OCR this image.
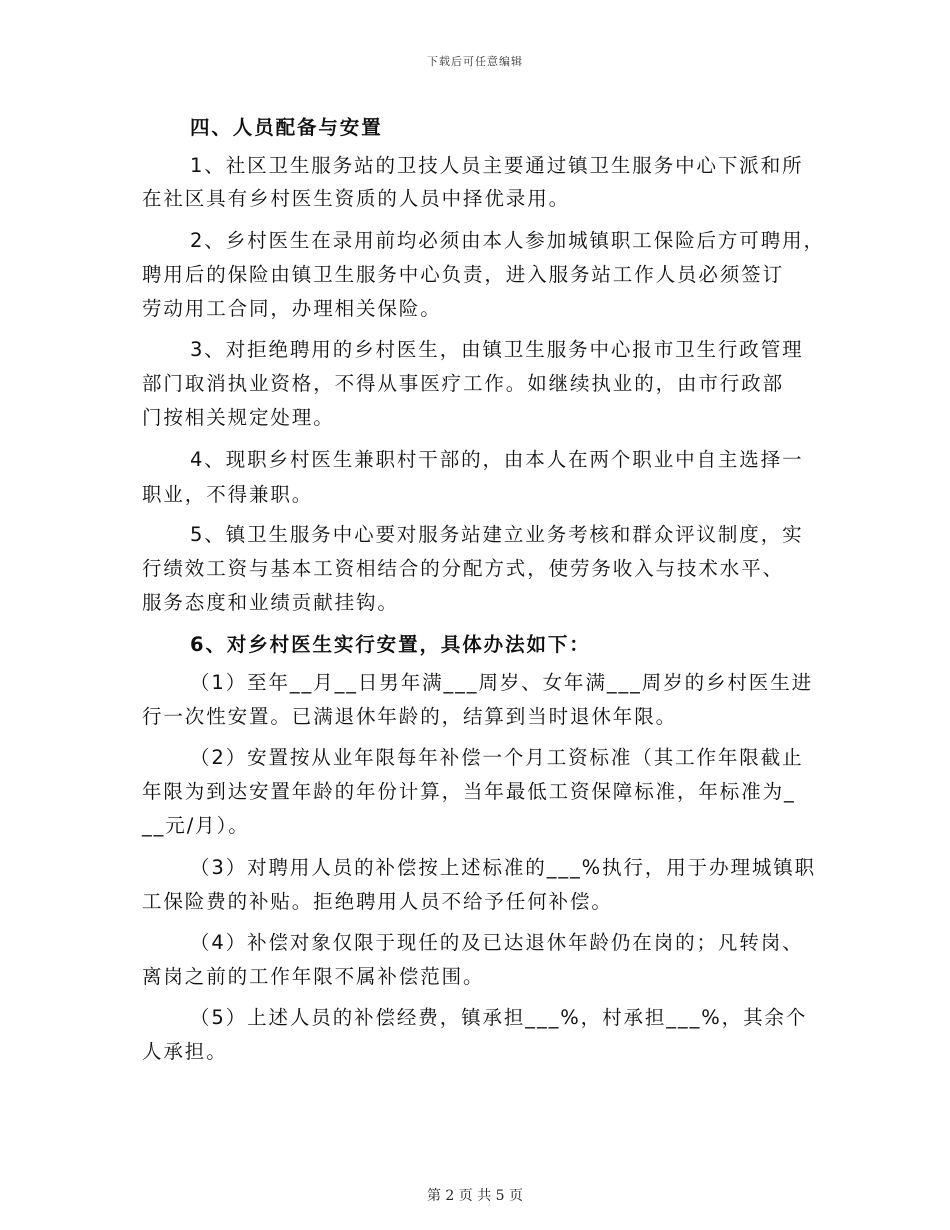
下载后可任意编辑
四、人员配备与安置
1、社区卫生服务站的卫技人员主要通过镇卫生服务中心下派和所
在社区具有乡村医生资质的人员中择优录用。
2、乡村医生在录用前均必须由本人参加城镇职工保险后方可聘用，
聘用后的保险由镇卫生服务中心负责，进入服务站工作人员必须签订
劳动用工合同，办理相关保险。
3、对拒绝聘用的乡村医生，由镇卫生服务中心报市卫生行政管理
部门取消执业资格，不得从事医疗工作。如继续执业的，由市行政部
门按相关规定处理。
4、现职乡村医生兼职村干部的，由本人在两个职业中自主选择一
职业，不得兼职。
5、镇卫生服务中心要对服务站建立业务考核和群众评议制度，实
行绩效工资与基本工资相结合的分配方式，使劳务收入与技术水平、
服务态度和业绩贡献挂钩。
6、对乡村医生实行安置，具体办法如下：
（1）至年__月__日男年满___周岁、女年满___周岁的乡村医生进
行一次性安置。已满退休年龄的，结算到当时退休年限。
（2）安置按从业年限每年补偿一个月工资标准（其工作年限截止
年限为到达安置年龄的年份计算，当年最低工资保障标准，年标准为_
__元/月）。
（3）对聘用人员的补偿按上述标准的___%执行，用于办理城镇职
工保险费的补贴。拒绝聘用人员不给予任何补偿。
（4）补偿对象仅限于现任的及已达退休年龄仍在岗的；凡转岗、
离岗之前的工作年限不属补偿范围。
（5）上述人员的补偿经费，镇承担___%，村承担___%，其余个
人承担。
第 2 页 共 5 页
